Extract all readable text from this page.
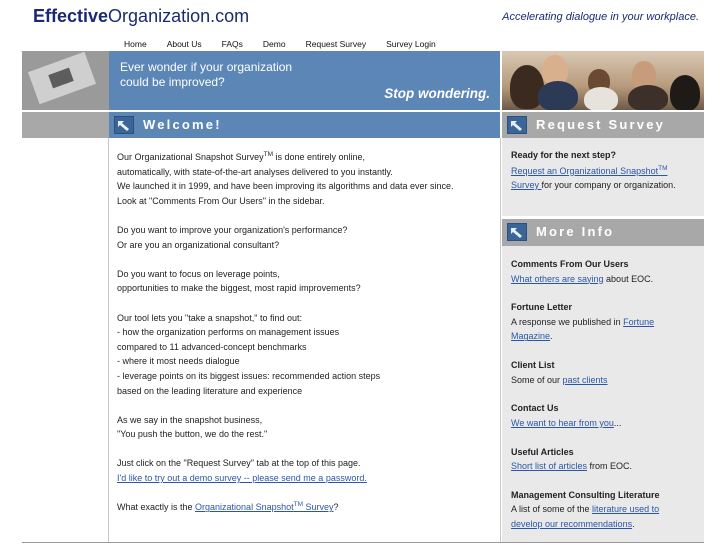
EffectiveOrganization.com	Accelerating dialogue in your workplace.
Home	About Us	FAQs	Demo	Request Survey	Survey Login
Ever wonder if your organization
could be improved?
Stop wondering.
Welcome!	Request Survey
More Info

Our Organizational Snapshot Survey™ is done entirely online,
automatically, with state-of-the-art analyses delivered to you instantly.
We launched it in 1999, and have been improving its algorithms and data ever since.
Look at "Comments From Our Users" in the sidebar.

Do you want to improve your organization's performance?
Or are you an organizational consultant?

Do you want to focus on leverage points,
opportunities to make the biggest, most rapid improvements?

Our tool lets you "take a snapshot," to find out:
- how the organization performs on management issues
compared to 11 advanced-concept benchmarks
- where it most needs dialogue
- leverage points on its biggest issues: recommended action steps
based on the leading literature and experience

As we say in the snapshot business,
"You push the button, we do the rest."

Just click on the "Request Survey" tab at the top of this page.
I'd like to try out a demo survey -- please send me a password.

What exactly is the Organizational Snapshot™ Survey?

Ready for the next step?
Request an Organizational Snapshot™
Survey for your company or organization.
Comments From Our Users
What others are saying about EOC.
Fortune Letter
A response we published in Fortune
Magazine.
Client List
Some of our past clients
Contact Us
We want to hear from you...
Useful Articles
Short list of articles from EOC.
Management Consulting Literature
A list of some of the literature used to
develop our recommendations.
